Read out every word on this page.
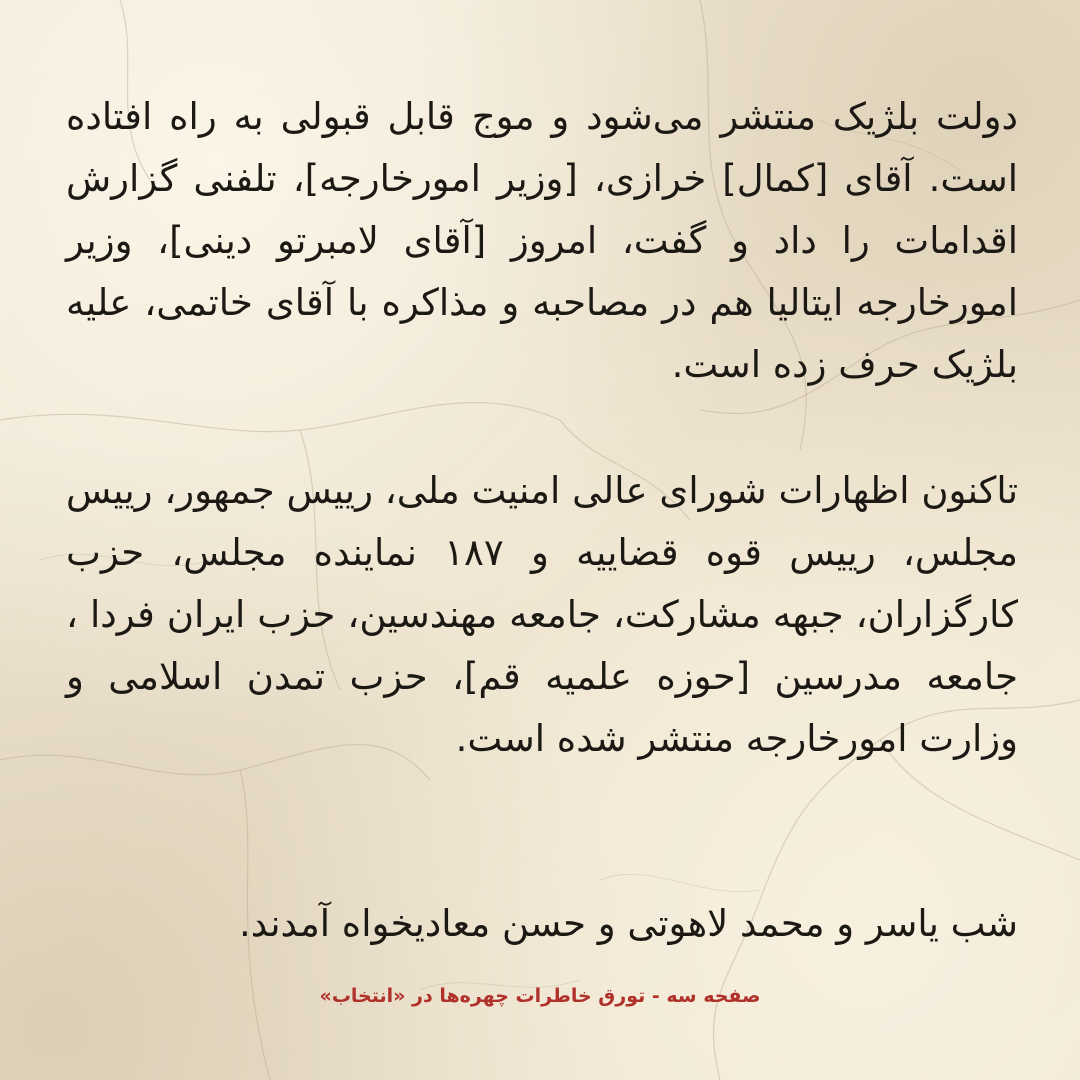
دولت بلژیک منتشر می‌شود و موج قابل قبولی به راه افتاده است. آقای [کمال] خرازی، [وزیر امورخارجه]، تلفنی گزارش اقدامات را داد و گفت، امروز [آقای لامبرتو دینی]، وزیر امورخارجه ایتالیا هم در مصاحبه و مذاکره با آقای خاتمی، علیه بلژیک حرف زده است.

تاکنون اظهارات شورای عالی امنیت ملی، رییس جمهور، رییس مجلس، رییس قوه قضاییه و ۱۸۷ نماینده مجلس، حزب کارگزاران، جبهه مشارکت، جامعه مهندسین، حزب ایران فردا ، جامعه مدرسین [حوزه علمیه قم]، حزب تمدن اسلامی و وزارت امورخارجه منتشر شده است.

شب یاسر و محمد لاهوتی و حسن معادیخواه آمدند.

صفحه سه - تورق خاطرات چهره‌ها در «انتخاب»
